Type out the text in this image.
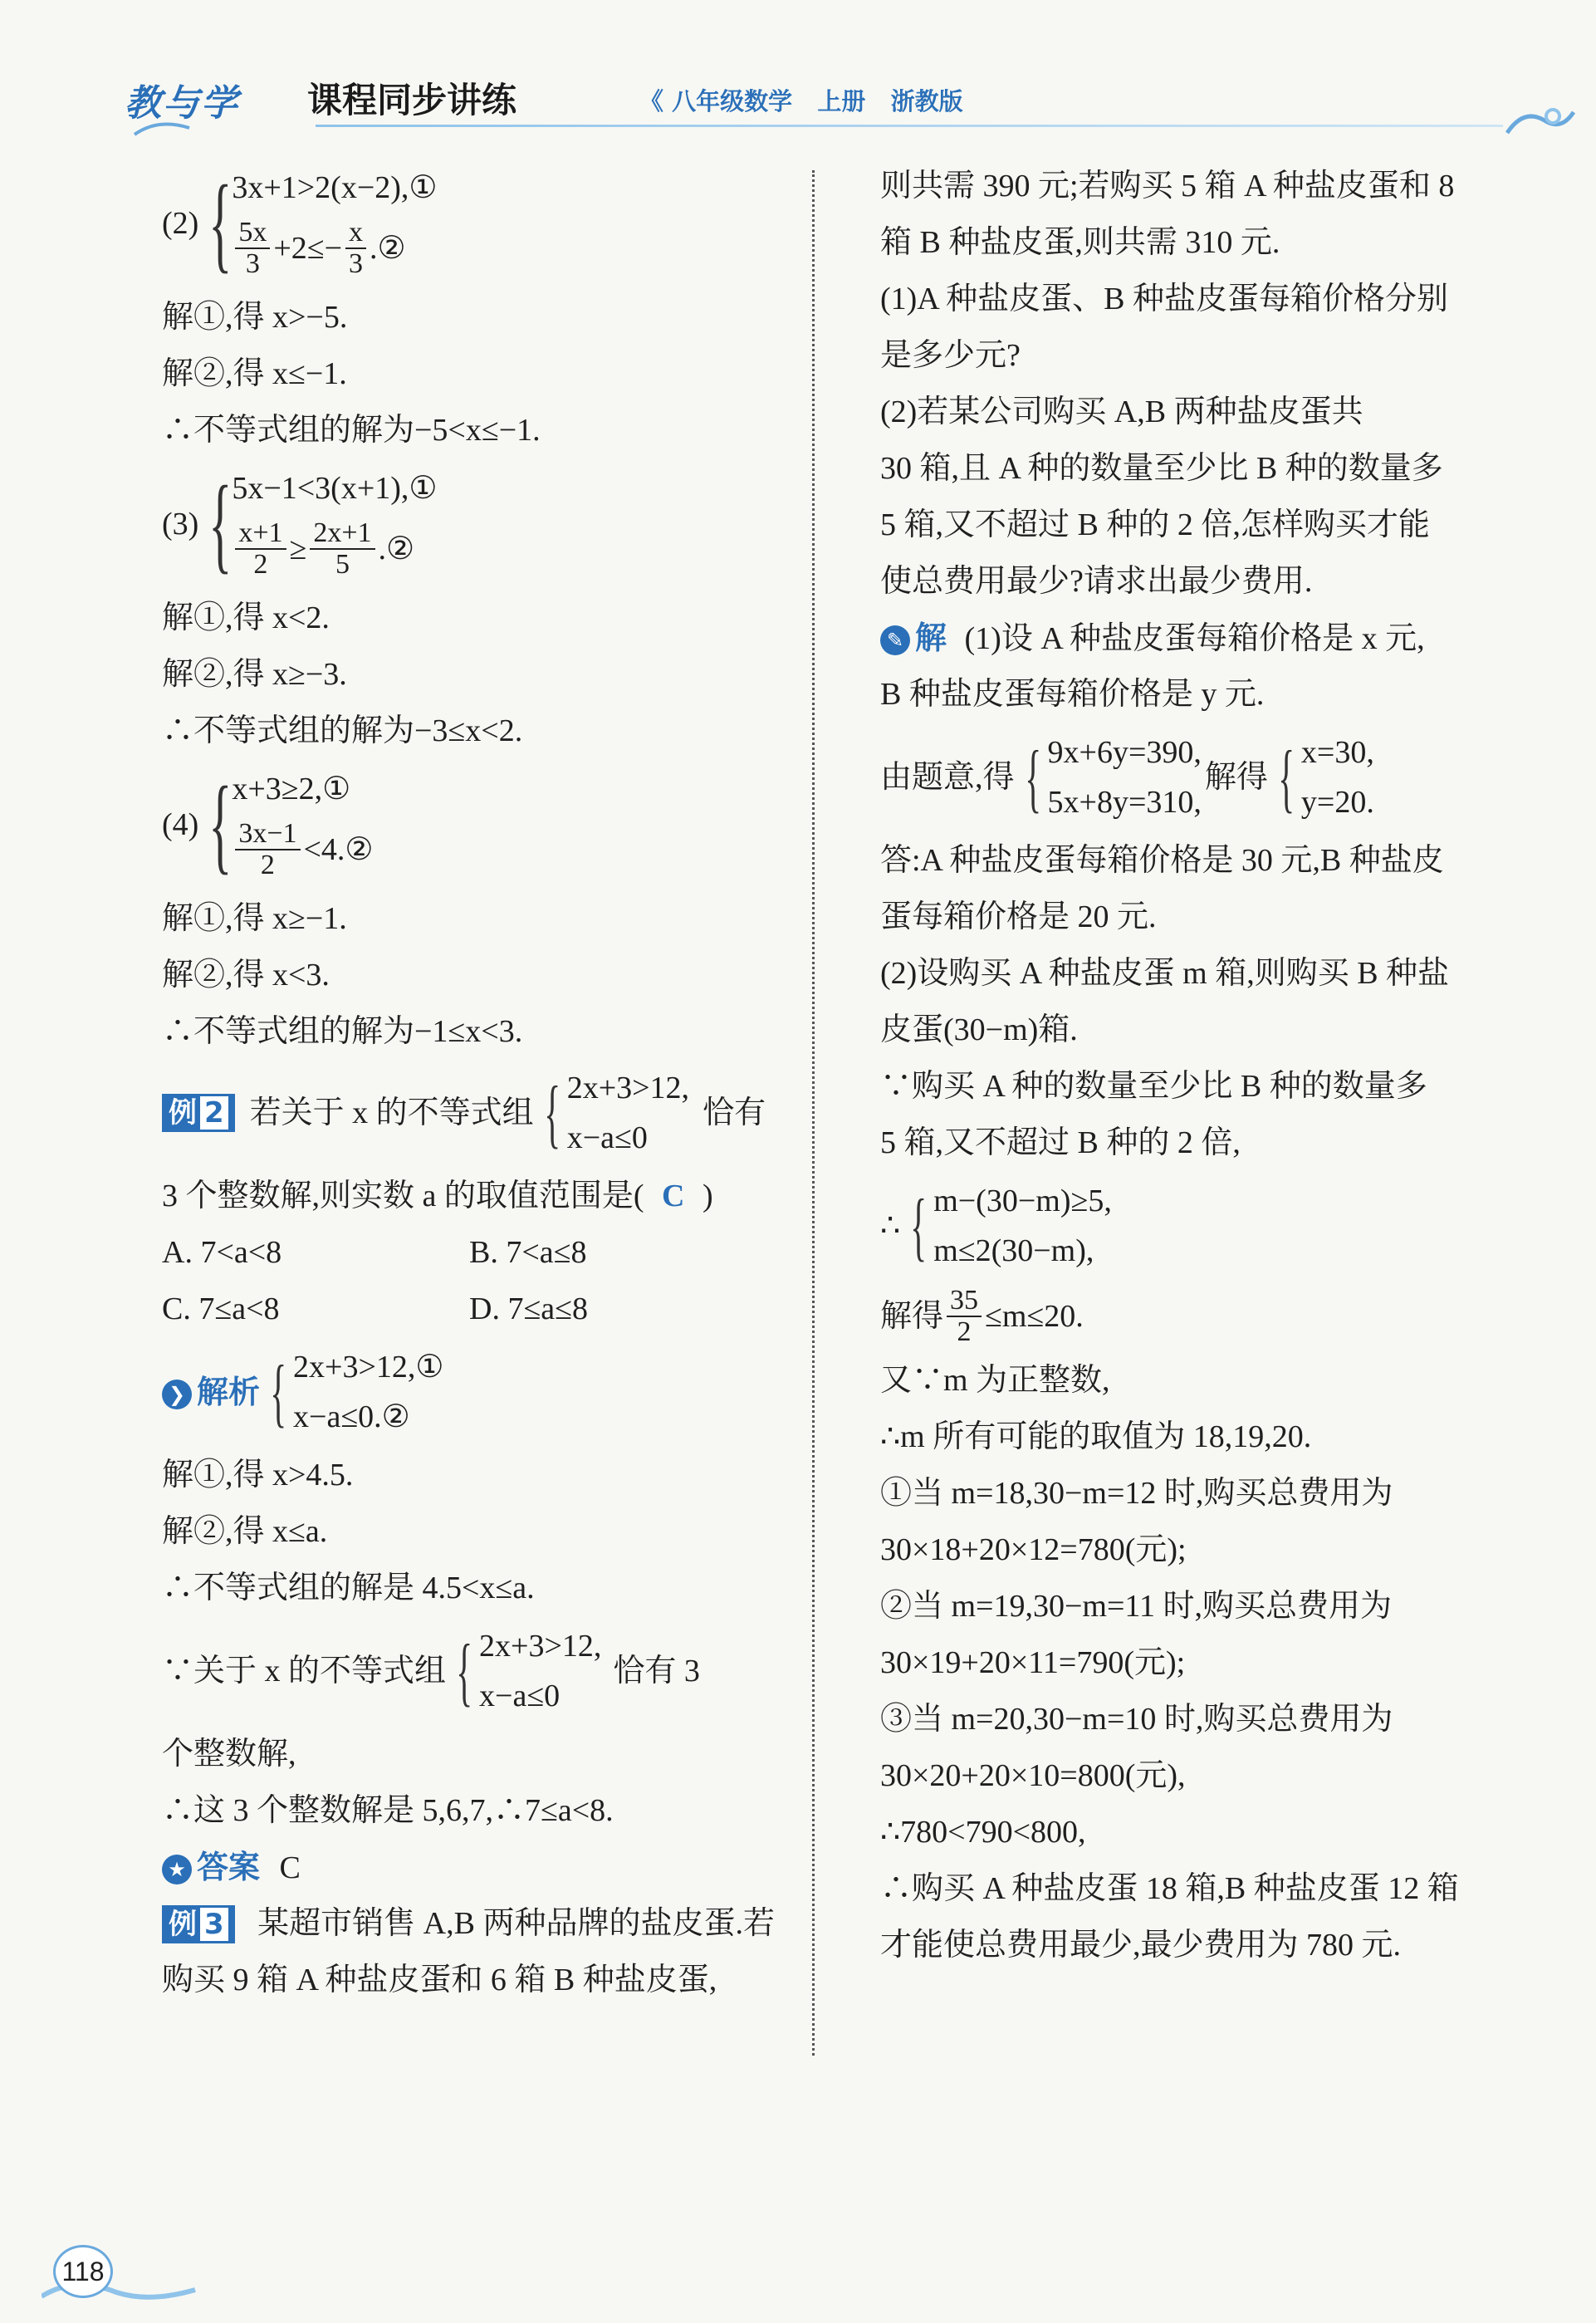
教与学 课程同步讲练	《 八年级数学   上册   浙教版
(2) { 3x+1>2(x−2),①
$\frac{5x}{3} +2\le- \frac{x}{3}$ .②
解①,得 x>−5.
解②,得 x≤−1.
∴不等式组的解为−5<x≤−1.
(3) { 5x−1<3(x+1),①
$\frac{x+1}{2} \ge \frac{2x+1}{5}$ .②
解①,得 x<2.
解②,得 x≥−3.
∴不等式组的解为−3≤x<2.
(4) { x+3≥2,①
$\frac{3x-1}{2}$ <4.②
解①,得 x≥−1.
解②,得 x<3.
∴不等式组的解为−1≤x<3.
例 2 若关于 x 的不等式组 { 2x+3>12,
x−a≤0
恰有
3 个整数解,则实数 a 的取值范围是( C )
A. 7<a<8	B. 7<a≤8
C. 7≤a<8	D. 7≤a≤8
❯ 解析 { 2x+3>12,①
x−a≤0.②
解①,得 x>4.5.
解②,得 x≤a.
∴不等式组的解是 4.5<x≤a.
∵关于 x 的不等式组 { 2x+3>12,
x−a≤0
恰有 3
个整数解,
∴这 3 个整数解是 5,6,7,∴7≤a<8.
★ 答案 C
例 3 某超市销售 A,B 两种品牌的盐皮蛋.若
购买 9 箱 A 种盐皮蛋和 6 箱 B 种盐皮蛋,
则共需 390 元;若购买 5 箱 A 种盐皮蛋和 8
箱 B 种盐皮蛋,则共需 310 元.
(1)A 种盐皮蛋、B 种盐皮蛋每箱价格分别
是多少元?
(2)若某公司购买 A,B 两种盐皮蛋共
30 箱,且 A 种的数量至少比 B 种的数量多
5 箱,又不超过 B 种的 2 倍,怎样购买才能
使总费用最少?请求出最少费用.
✎ 解 (1)设 A 种盐皮蛋每箱价格是 x 元,
B 种盐皮蛋每箱价格是 y 元.
由题意,得 { 9x+6y=390,
5x+8y=310,
解得 { x=30,
y=20.
答:A 种盐皮蛋每箱价格是 30 元,B 种盐皮
蛋每箱价格是 20 元.
(2)设购买 A 种盐皮蛋 m 箱,则购买 B 种盐
皮蛋(30−m)箱.
∵购买 A 种的数量至少比 B 种的数量多
5 箱,又不超过 B 种的 2 倍,
∴ { m−(30−m)≥5,
m≤2(30−m),
解得 $\frac{35}{2} \le m\le 20$.
又∵m 为正整数,
∴m 所有可能的取值为 18,19,20.
①当 m=18,30−m=12 时,购买总费用为
30×18+20×12=780(元);
②当 m=19,30−m=11 时,购买总费用为
30×19+20×11=790(元);
③当 m=20,30−m=10 时,购买总费用为
30×20+20×10=800(元),
∴780<790<800,
∴购买 A 种盐皮蛋 18 箱,B 种盐皮蛋 12 箱
才能使总费用最少,最少费用为 780 元.
118
